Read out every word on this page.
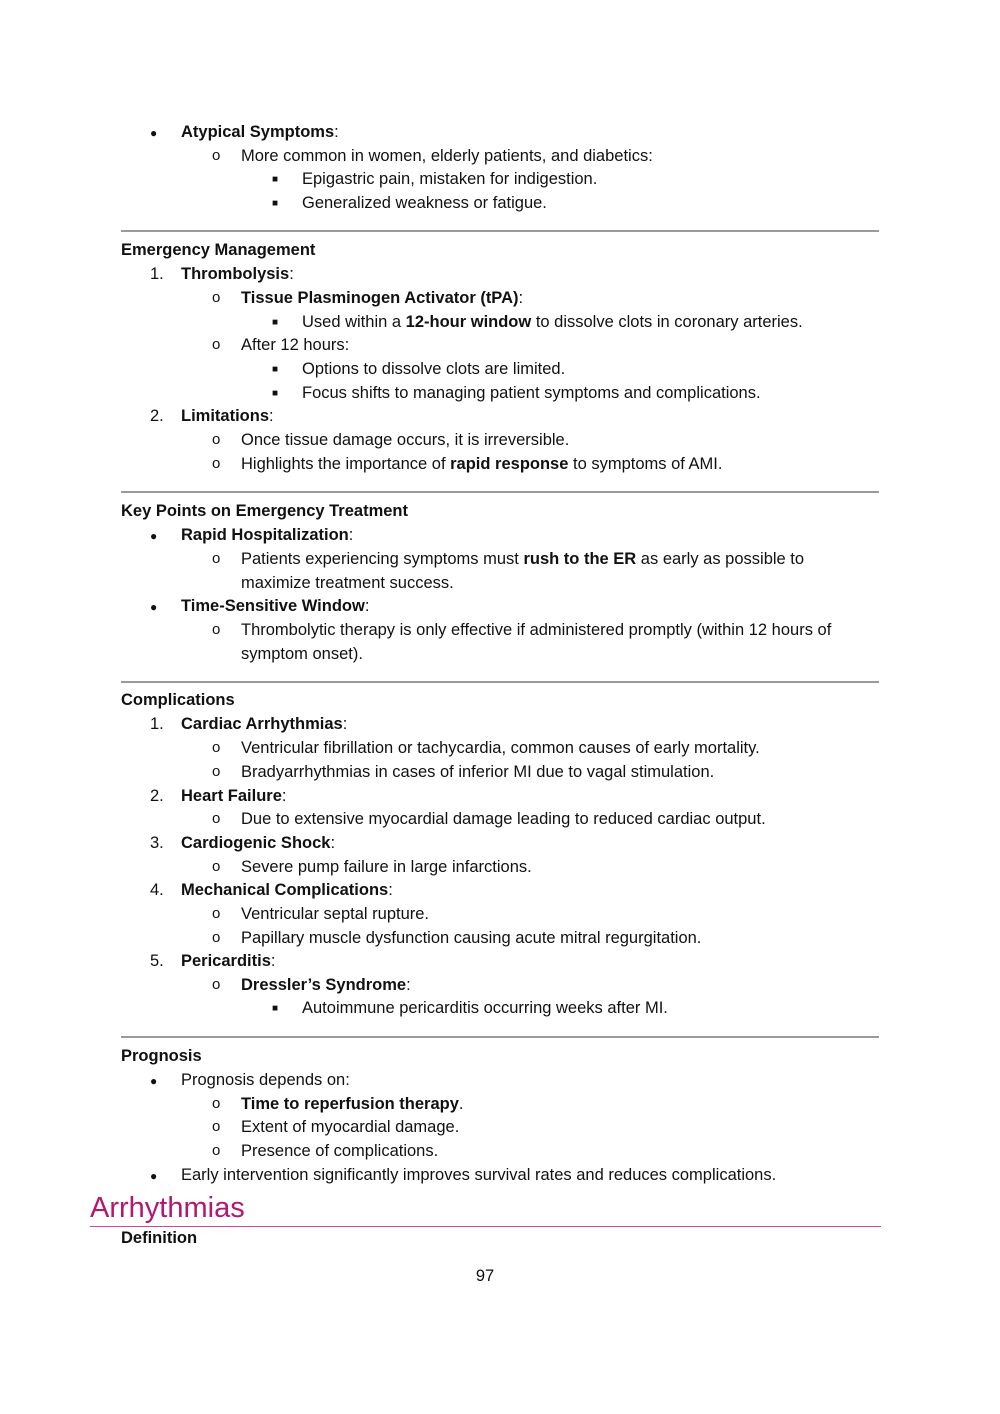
● Atypical Symptoms:
o More common in women, elderly patients, and diabetics:
■ Epigastric pain, mistaken for indigestion.
■ Generalized weakness or fatigue.
Emergency Management
1. Thrombolysis:
o Tissue Plasminogen Activator (tPA):
■ Used within a 12-hour window to dissolve clots in coronary arteries.
o After 12 hours:
■ Options to dissolve clots are limited.
■ Focus shifts to managing patient symptoms and complications.
2. Limitations:
o Once tissue damage occurs, it is irreversible.
o Highlights the importance of rapid response to symptoms of AMI.
Key Points on Emergency Treatment
● Rapid Hospitalization:
o Patients experiencing symptoms must rush to the ER as early as possible to
maximize treatment success.
● Time-Sensitive Window:
o Thrombolytic therapy is only effective if administered promptly (within 12 hours of
symptom onset).
Complications
1. Cardiac Arrhythmias:
o Ventricular fibrillation or tachycardia, common causes of early mortality.
o Bradyarrhythmias in cases of inferior MI due to vagal stimulation.
2. Heart Failure:
o Due to extensive myocardial damage leading to reduced cardiac output.
3. Cardiogenic Shock:
o Severe pump failure in large infarctions.
4. Mechanical Complications:
o Ventricular septal rupture.
o Papillary muscle dysfunction causing acute mitral regurgitation.
5. Pericarditis:
o Dressler’s Syndrome:
■ Autoimmune pericarditis occurring weeks after MI.
Prognosis
● Prognosis depends on:
o Time to reperfusion therapy.
o Extent of myocardial damage.
o Presence of complications.
● Early intervention significantly improves survival rates and reduces complications.
Arrhythmias
Definition
97
